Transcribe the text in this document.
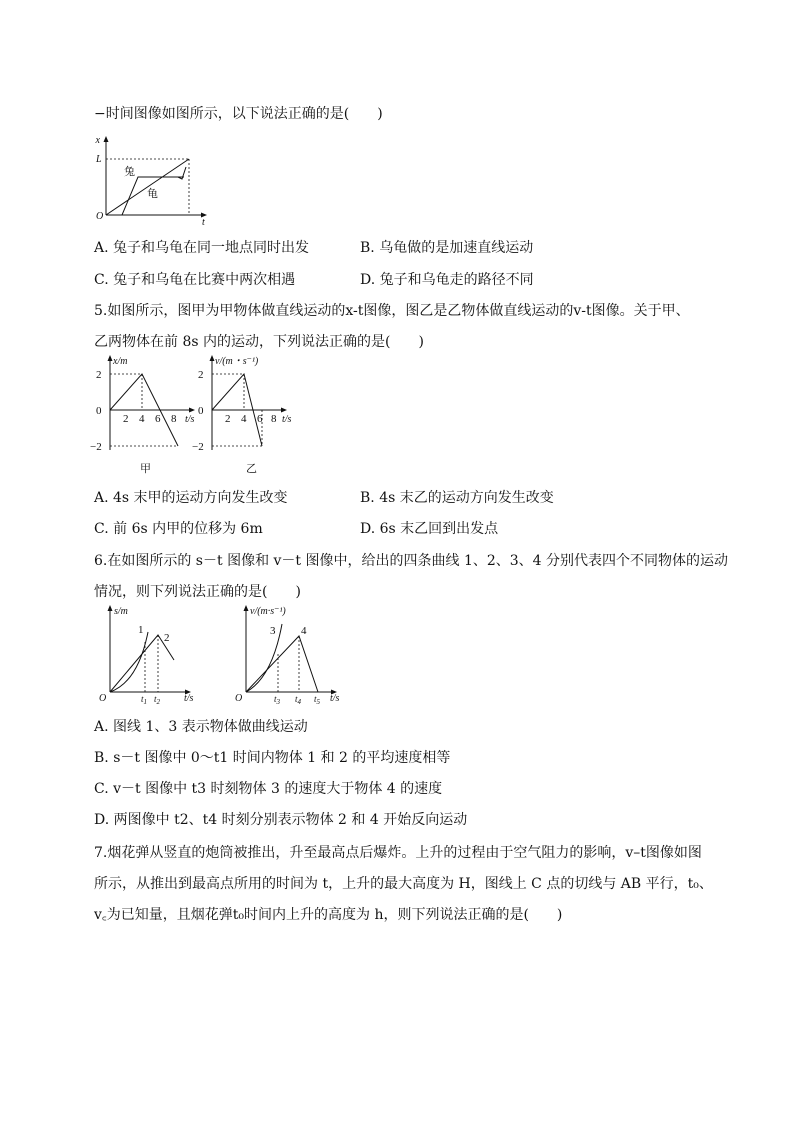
−时间图像如图所示，以下说法正确的是(　　)
x
L
O
t
兔
龟
A. 兔子和乌龟在同一地点同时出发	B. 乌龟做的是加速直线运动
C. 兔子和乌龟在比赛中两次相遇	D. 兔子和乌龟走的路径不同
5.如图所示，图甲为甲物体做直线运动的x-t图像，图乙是乙物体做直线运动的v-t图像。关于甲、
乙两物体在前 8s 内的运动，下列说法正确的是(　　)
x/m
2
0
−2
2 4 6 8 t/s
甲
v/(m・s⁻¹)
2
0
−2
2 4 6 8 t/s
乙
A. 4s 末甲的运动方向发生改变	B. 4s 末乙的运动方向发生改变
C. 前 6s 内甲的位移为 6m	D. 6s 末乙回到出发点
6.在如图所示的 s－t 图像和 v－t 图像中，给出的四条曲线 1、2、3、4 分别代表四个不同物体的运动
情况，则下列说法正确的是(　　)
s/m
O	t/s
1
2
$t_1$ $t_2$
v/(m·s⁻¹)
O	t/s
3 4
$t_3$ $t_4$ $t_5$
A. 图线 1、3 表示物体做曲线运动
B. s－t 图像中 0～t1 时间内物体 1 和 2 的平均速度相等
C. v－t 图像中 t3 时刻物体 3 的速度大于物体 4 的速度
D. 两图像中 t2、t4 时刻分别表示物体 2 和 4 开始反向运动
7.烟花弹从竖直的炮筒被推出，升至最高点后爆炸。上升的过程由于空气阻力的影响，v–t图像如图
所示，从推出到最高点所用的时间为 t，上升的最大高度为 H，图线上 C 点的切线与 AB 平行，t₀、
v꜀为已知量，且烟花弹t₀时间内上升的高度为 h，则下列说法正确的是(　　)
